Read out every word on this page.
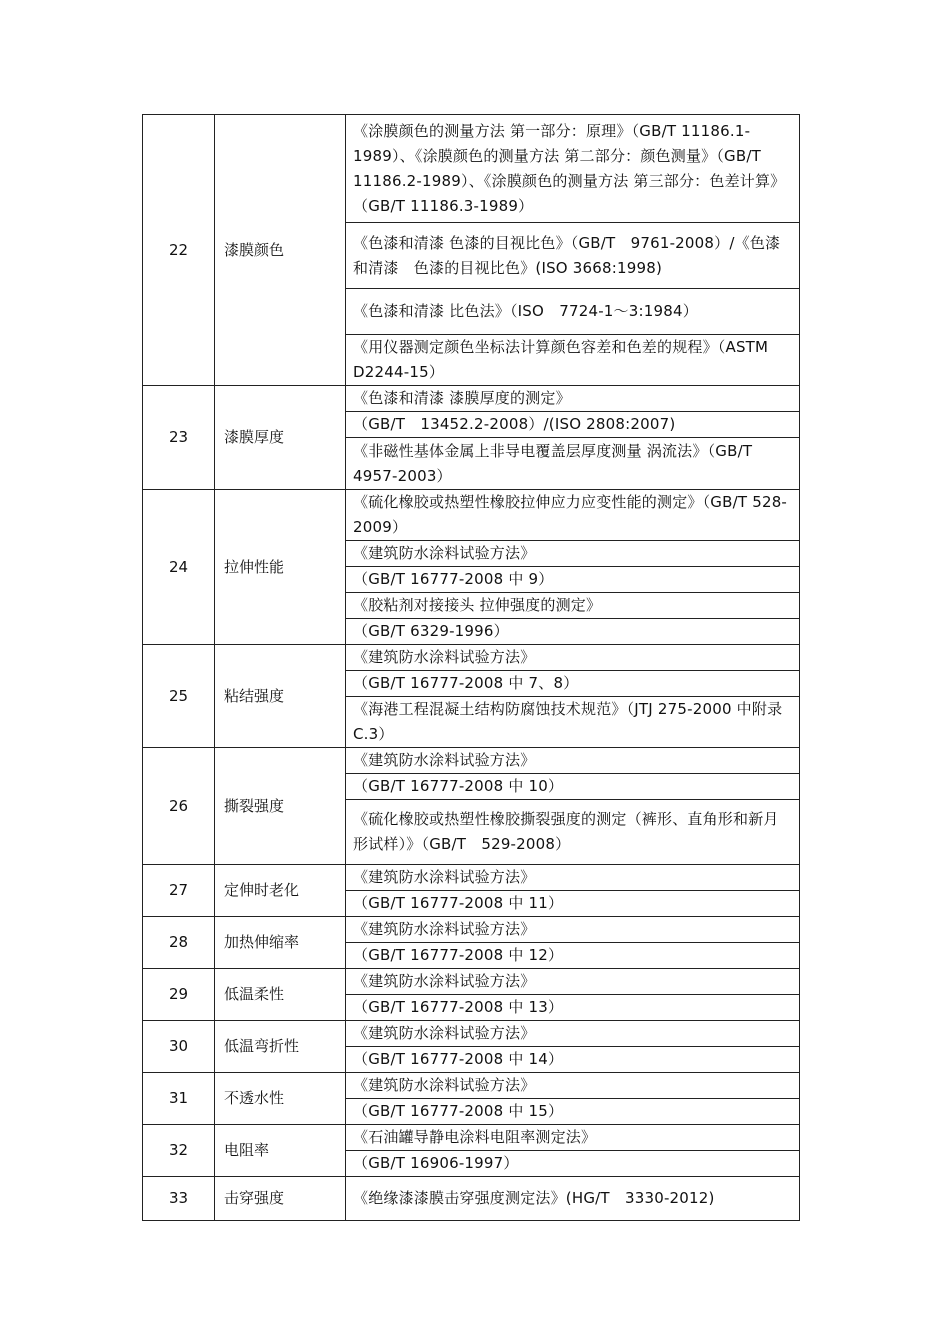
22	漆膜颜色	《涂膜颜色的测量方法 第一部分：原理》（GB/T 11186.1-1989）、《涂膜颜色的测量方法 第二部分：颜色测量》（GB/T　11186.2-1989）、《涂膜颜色的测量方法 第三部分：色差计算》（GB/T 11186.3-1989）
		《色漆和清漆 色漆的目视比色》（GB/T　9761-2008）/《色漆和清漆　色漆的目视比色》(ISO 3668:1998)
		《色漆和清漆 比色法》（ISO　7724-1～3:1984）
		《用仪器测定颜色坐标法计算颜色容差和色差的规程》（ASTM D2244-15）
23	漆膜厚度	《色漆和清漆 漆膜厚度的测定》
		（GB/T　13452.2-2008）/(ISO 2808:2007)
		《非磁性基体金属上非导电覆盖层厚度测量 涡流法》（GB/T 4957-2003）
24	拉伸性能	《硫化橡胶或热塑性橡胶拉伸应力应变性能的测定》（GB/T 528-2009）
		《建筑防水涂料试验方法》
		（GB/T 16777-2008 中 9）
		《胶粘剂对接接头 拉伸强度的测定》
		（GB/T 6329-1996）
25	粘结强度	《建筑防水涂料试验方法》
		（GB/T 16777-2008 中 7、8）
		《海港工程混凝土结构防腐蚀技术规范》（JTJ 275-2000 中附录 C.3）
26	撕裂强度	《建筑防水涂料试验方法》
		（GB/T 16777-2008 中 10）
		《硫化橡胶或热塑性橡胶撕裂强度的测定（裤形、直角形和新月形试样）》（GB/T　529-2008）
27	定伸时老化	《建筑防水涂料试验方法》
		（GB/T 16777-2008 中 11）
28	加热伸缩率	《建筑防水涂料试验方法》
		（GB/T 16777-2008 中 12）
29	低温柔性	《建筑防水涂料试验方法》
		（GB/T 16777-2008 中 13）
30	低温弯折性	《建筑防水涂料试验方法》
		（GB/T 16777-2008 中 14）
31	不透水性	《建筑防水涂料试验方法》
		（GB/T 16777-2008 中 15）
32	电阻率	《石油罐导静电涂料电阻率测定法》
		（GB/T 16906-1997）
33	击穿强度	《绝缘漆漆膜击穿强度测定法》(HG/T　3330-2012)
